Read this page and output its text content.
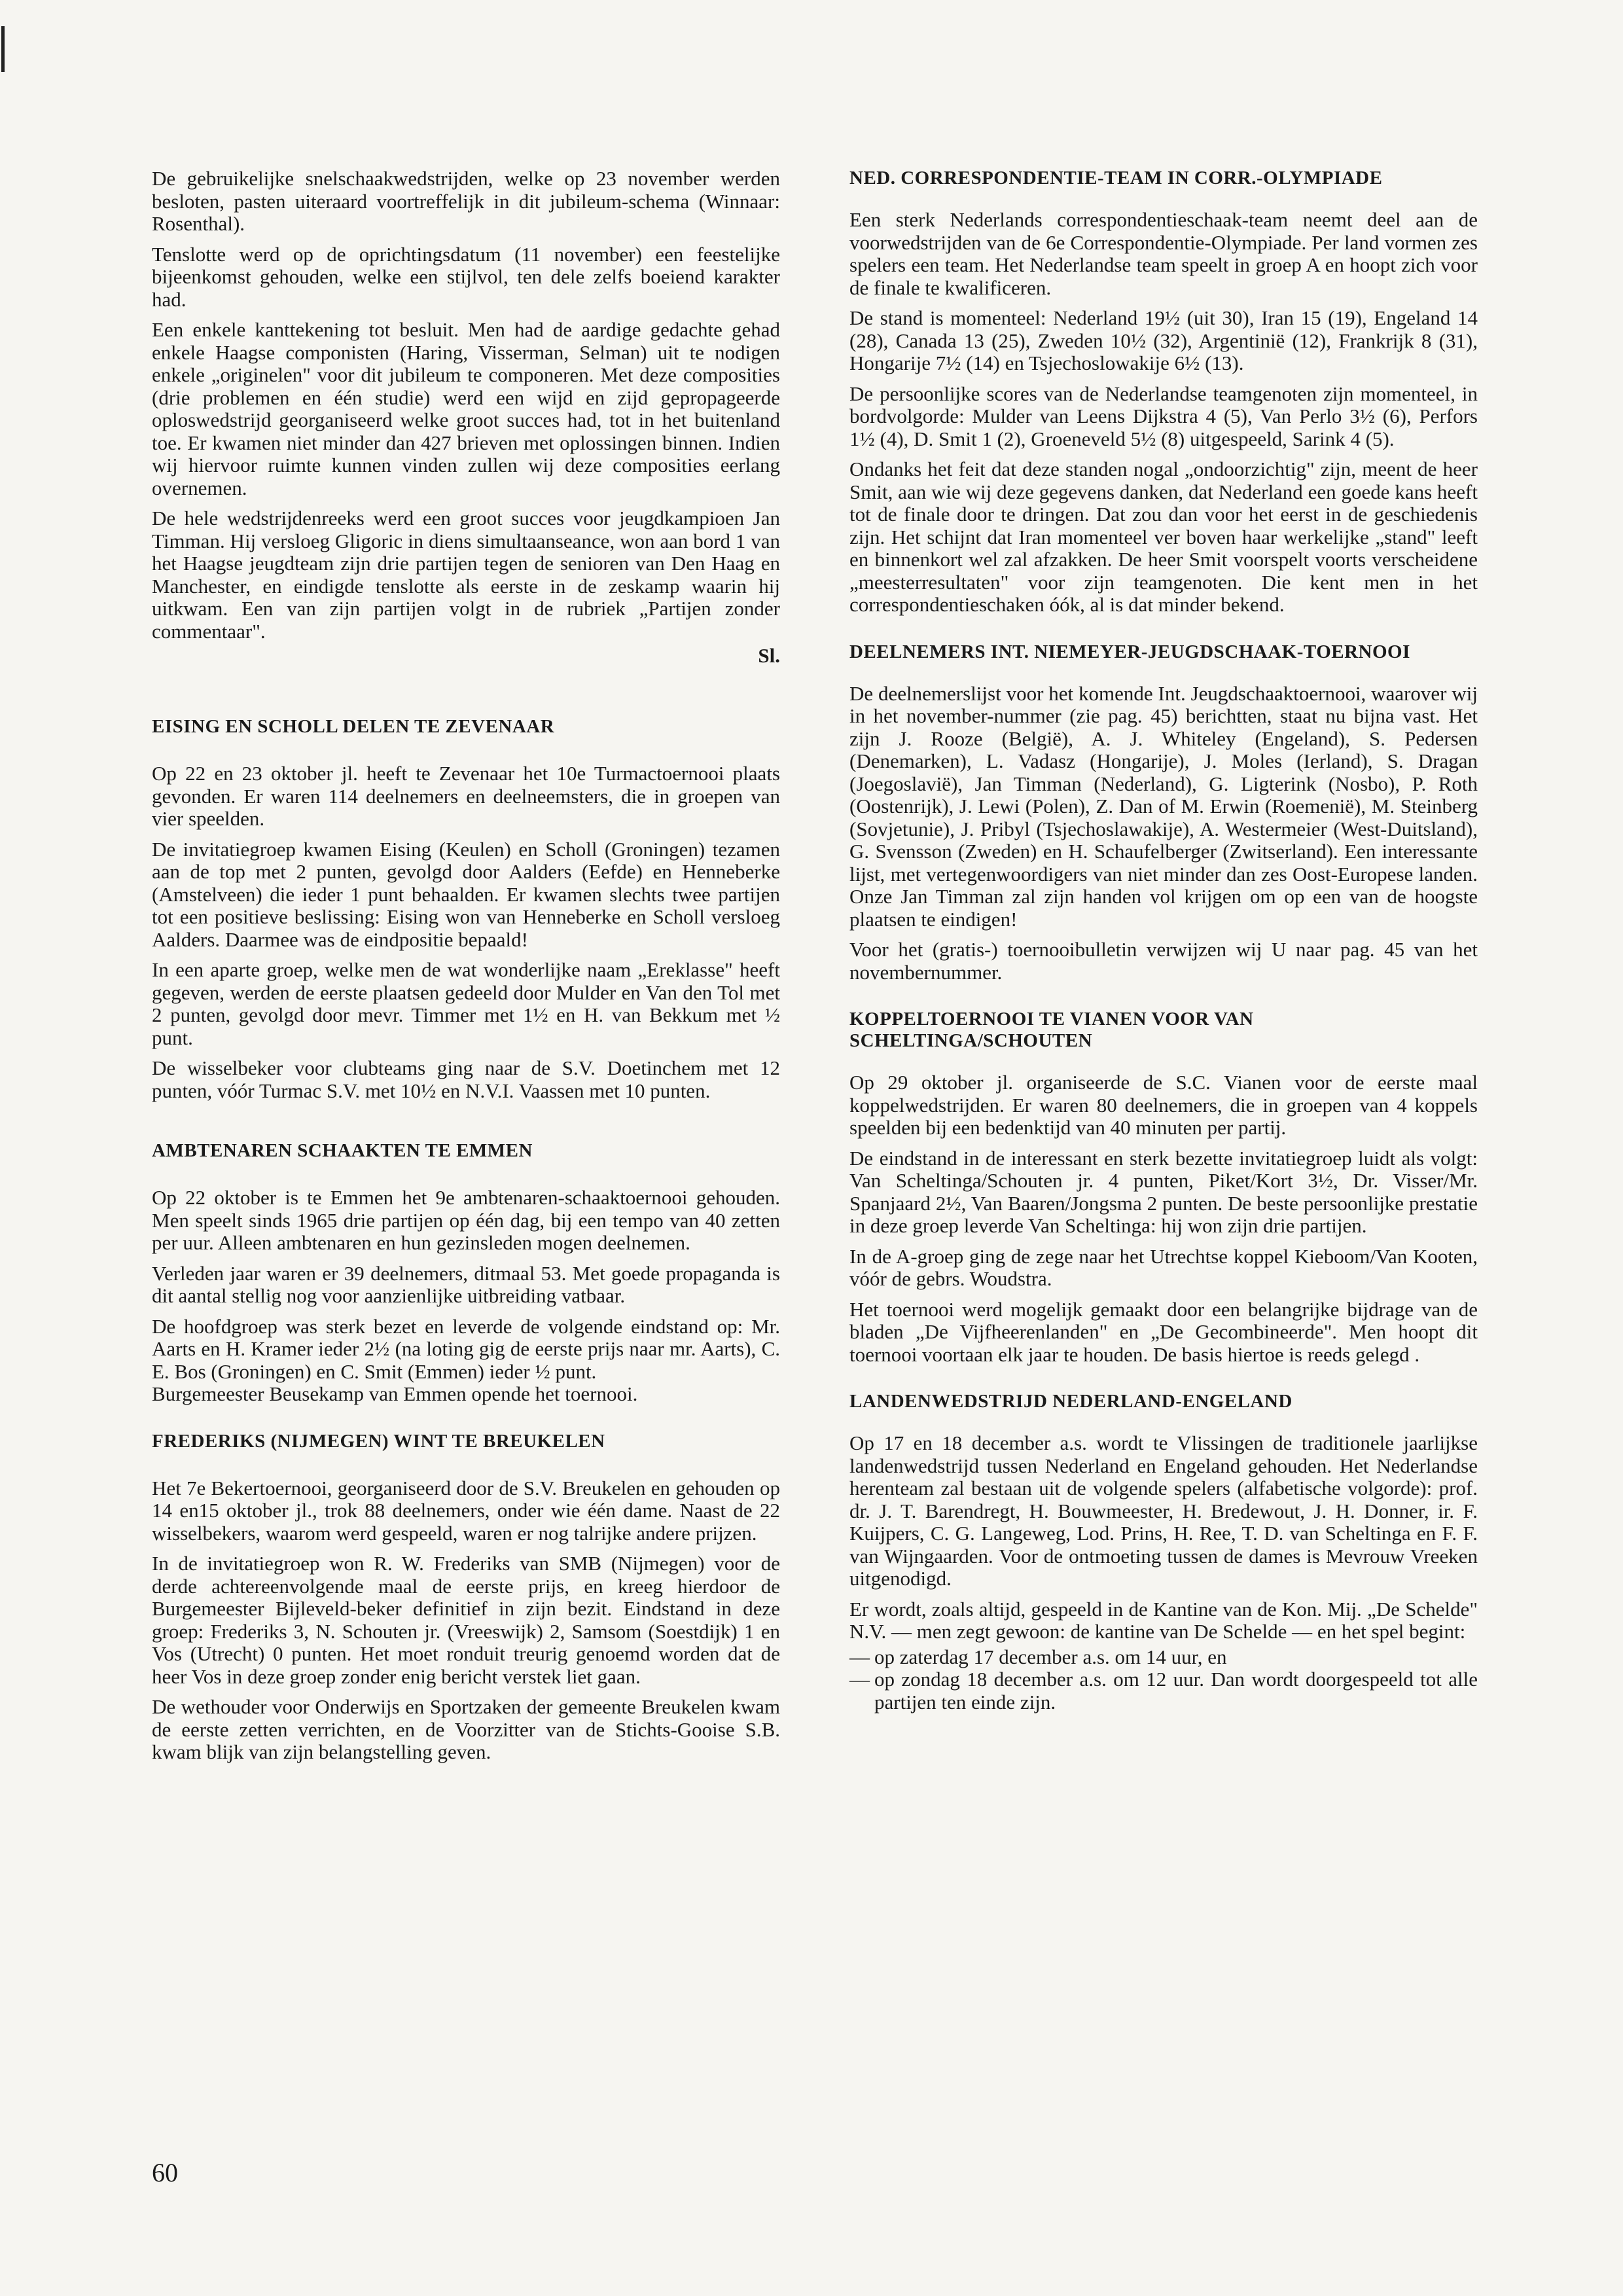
De gebruikelijke snelschaakwedstrijden, welke op 23 november werden besloten, pasten uiteraard voortreffelijk in dit jubileum-schema (Winnaar: Rosenthal).

Tenslotte werd op de oprichtingsdatum (11 november) een feestelijke bijeenkomst gehouden, welke een stijlvol, ten dele zelfs boeiend karakter had.

Een enkele kanttekening tot besluit. Men had de aardige gedachte gehad enkele Haagse componisten (Haring, Visserman, Selman) uit te nodigen enkele „originelen" voor dit jubileum te componeren. Met deze composities (drie problemen en één studie) werd een wijd en zijd gepropageerde oploswedstrijd georganiseerd welke groot succes had, tot in het buitenland toe. Er kwamen niet minder dan 427 brieven met oplossingen binnen. Indien wij hiervoor ruimte kunnen vinden zullen wij deze composities eerlang overnemen.

De hele wedstrijdenreeks werd een groot succes voor jeugdkampioen Jan Timman. Hij versloeg Gligoric in diens simultaanseance, won aan bord 1 van het Haagse jeugdteam zijn drie partijen tegen de senioren van Den Haag en Manchester, en eindigde tenslotte als eerste in de zeskamp waarin hij uitkwam. Een van zijn partijen volgt in de rubriek „Partijen zonder commentaar".

Sl.
EISING EN SCHOLL DELEN TE ZEVENAAR

Op 22 en 23 oktober jl. heeft te Zevenaar het 10e Turmactoernooi plaats gevonden. Er waren 114 deelnemers en deelneemsters, die in groepen van vier speelden.

De invitatiegroep kwamen Eising (Keulen) en Scholl (Groningen) tezamen aan de top met 2 punten, gevolgd door Aalders (Eefde) en Henneberke (Amstelveen) die ieder 1 punt behaalden. Er kwamen slechts twee partijen tot een positieve beslissing: Eising won van Henneberke en Scholl versloeg Aalders. Daarmee was de eindpositie bepaald!

In een aparte groep, welke men de wat wonderlijke naam „Ereklasse" heeft gegeven, werden de eerste plaatsen gedeeld door Mulder en Van den Tol met 2 punten, gevolgd door mevr. Timmer met 1½ en H. van Bekkum met ½ punt.

De wisselbeker voor clubteams ging naar de S.V. Doetinchem met 12 punten, vóór Turmac S.V. met 10½ en N.V.I. Vaassen met 10 punten.

AMBTENAREN SCHAAKTEN TE EMMEN

Op 22 oktober is te Emmen het 9e ambtenaren-schaaktoernooi gehouden. Men speelt sinds 1965 drie partijen op één dag, bij een tempo van 40 zetten per uur. Alleen ambtenaren en hun gezinsleden mogen deelnemen.

Verleden jaar waren er 39 deelnemers, ditmaal 53. Met goede propaganda is dit aantal stellig nog voor aanzienlijke uitbreiding vatbaar.

De hoofdgroep was sterk bezet en leverde de volgende eindstand op: Mr. Aarts en H. Kramer ieder 2½ (na loting gig de eerste prijs naar mr. Aarts), C. E. Bos (Groningen) en C. Smit (Emmen) ieder ½ punt.

Burgemeester Beusekamp van Emmen opende het toernooi.

FREDERIKS (NIJMEGEN) WINT TE BREUKELEN

Het 7e Bekertoernooi, georganiseerd door de S.V. Breukelen en gehouden op 14 en15 oktober jl., trok 88 deelnemers, onder wie één dame. Naast de 22 wisselbekers, waarom werd gespeeld, waren er nog talrijke andere prijzen.

In de invitatiegroep won R. W. Frederiks van SMB (Nijmegen) voor de derde achtereenvolgende maal de eerste prijs, en kreeg hierdoor de Burgemeester Bijleveld-beker definitief in zijn bezit. Eindstand in deze groep: Frederiks 3, N. Schouten jr. (Vreeswijk) 2, Samsom (Soestdijk) 1 en Vos (Utrecht) 0 punten. Het moet ronduit treurig genoemd worden dat de heer Vos in deze groep zonder enig bericht verstek liet gaan.

De wethouder voor Onderwijs en Sportzaken der gemeente Breukelen kwam de eerste zetten verrichten, en de Voorzitter van de Stichts-Gooise S.B. kwam blijk van zijn belangstelling geven.

NED. CORRESPONDENTIE-TEAM IN CORR.-OLYMPIADE

Een sterk Nederlands correspondentieschaak-team neemt deel aan de voorwedstrijden van de 6e Correspondentie-Olympiade. Per land vormen zes spelers een team. Het Nederlandse team speelt in groep A en hoopt zich voor de finale te kwalificeren.

De stand is momenteel: Nederland 19½ (uit 30), Iran 15 (19), Engeland 14 (28), Canada 13 (25), Zweden 10½ (32), Argentinië (12), Frankrijk 8 (31), Hongarije 7½ (14) en Tsjechoslowakije 6½ (13).

De persoonlijke scores van de Nederlandse teamgenoten zijn momenteel, in bordvolgorde: Mulder van Leens Dijkstra 4 (5), Van Perlo 3½ (6), Perfors 1½ (4), D. Smit 1 (2), Groeneveld 5½ (8) uitgespeeld, Sarink 4 (5).

Ondanks het feit dat deze standen nogal „ondoorzichtig" zijn, meent de heer Smit, aan wie wij deze gegevens danken, dat Nederland een goede kans heeft tot de finale door te dringen. Dat zou dan voor het eerst in de geschiedenis zijn. Het schijnt dat Iran momenteel ver boven haar werkelijke „stand" leeft en binnenkort wel zal afzakken. De heer Smit voorspelt voorts verscheidene „meesterresultaten" voor zijn teamgenoten. Die kent men in het correspondentieschaken óók, al is dat minder bekend.

DEELNEMERS INT. NIEMEYER-JEUGDSCHAAK-TOERNOOI

De deelnemerslijst voor het komende Int. Jeugdschaaktoernooi, waarover wij in het november-nummer (zie pag. 45) berichtten, staat nu bijna vast. Het zijn J. Rooze (België), A. J. Whiteley (Engeland), S. Pedersen (Denemarken), L. Vadasz (Hongarije), J. Moles (Ierland), S. Dragan (Joegoslavië), Jan Timman (Nederland), G. Ligterink (Nosbo), P. Roth (Oostenrijk), J. Lewi (Polen), Z. Dan of M. Erwin (Roemenië), M. Steinberg (Sovjetunie), J. Pribyl (Tsjechoslawakije), A. Westermeier (West-Duitsland), G. Svensson (Zweden) en H. Schaufelberger (Zwitserland). Een interessante lijst, met vertegenwoordigers van niet minder dan zes Oost-Europese landen. Onze Jan Timman zal zijn handen vol krijgen om op een van de hoogste plaatsen te eindigen!

Voor het (gratis-) toernooibulletin verwijzen wij U naar pag. 45 van het novembernummer.

KOPPELTOERNOOI TE VIANEN VOOR VAN SCHELTINGA/SCHOUTEN

Op 29 oktober jl. organiseerde de S.C. Vianen voor de eerste maal koppelwedstrijden. Er waren 80 deelnemers, die in groepen van 4 koppels speelden bij een bedenktijd van 40 minuten per partij.

De eindstand in de interessant en sterk bezette invitatiegroep luidt als volgt: Van Scheltinga/Schouten jr. 4 punten, Piket/Kort 3½, Dr. Visser/Mr. Spanjaard 2½, Van Baaren/Jongsma 2 punten. De beste persoonlijke prestatie in deze groep leverde Van Scheltinga: hij won zijn drie partijen.

In de A-groep ging de zege naar het Utrechtse koppel Kieboom/Van Kooten, vóór de gebrs. Woudstra.

Het toernooi werd mogelijk gemaakt door een belangrijke bijdrage van de bladen „De Vijfheerenlanden" en „De Gecombineerde". Men hoopt dit toernooi voortaan elk jaar te houden. De basis hiertoe is reeds gelegd .

LANDENWEDSTRIJD NEDERLAND-ENGELAND

Op 17 en 18 december a.s. wordt te Vlissingen de traditionele jaarlijkse landenwedstrijd tussen Nederland en Engeland gehouden. Het Nederlandse herenteam zal bestaan uit de volgende spelers (alfabetische volgorde): prof. dr. J. T. Barendregt, H. Bouwmeester, H. Bredewout, J. H. Donner, ir. F. Kuijpers, C. G. Langeweg, Lod. Prins, H. Ree, T. D. van Scheltinga en F. F. van Wijngaarden. Voor de ontmoeting tussen de dames is Mevrouw Vreeken uitgenodigd.

Er wordt, zoals altijd, gespeeld in de Kantine van de Kon. Mij. „De Schelde" N.V. — men zegt gewoon: de kantine van De Schelde — en het spel begint:

— op zaterdag 17 december a.s. om 14 uur, en
— op zondag 18 december a.s. om 12 uur. Dan wordt doorgespeeld tot alle partijen ten einde zijn.
60
